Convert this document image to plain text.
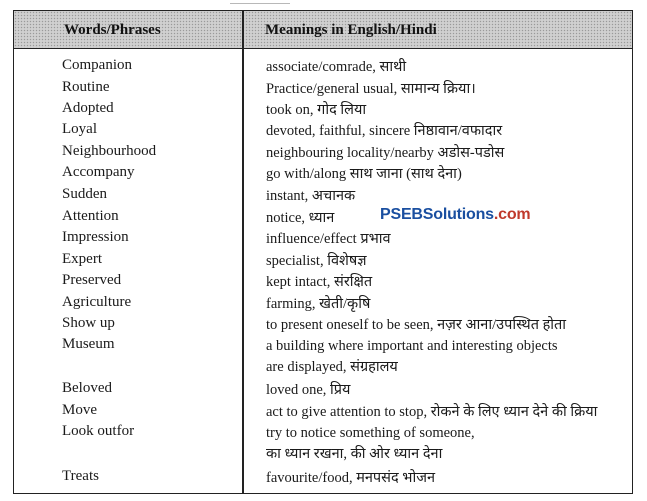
Words/Phrases	Meanings in English/Hindi
Companion	associate/comrade, साथी
Routine	Practice/general usual, सामान्य क्रिया।
Adopted	took on, गोद लिया
Loyal	devoted, faithful, sincere निष्ठावान/वफादार
Neighbourhood	neighbouring locality/nearby अडोस-पडोस
Accompany	go with/along साथ जाना (साथ देना)
Sudden	instant, अचानक
Attention	notice, ध्यान
Impression	influence/effect प्रभाव
Expert	specialist, विशेषज्ञ
Preserved	kept intact, संरक्षित
Agriculture	farming, खेती/कृषि
Show up	to present oneself to be seen, नज़र आना/उपस्थित होता
Museum	a building where important and interesting objects
are displayed, संग्रहालय
Beloved	loved one, प्रिय
Move	act to give attention to stop, रोकने के लिए ध्यान देने की क्रिया
Look outfor	try to notice something of someone,
का ध्यान रखना, की ओर ध्यान देना
Treats	favourite/food, मनपसंद भोजन
PSEBSolutions.com
